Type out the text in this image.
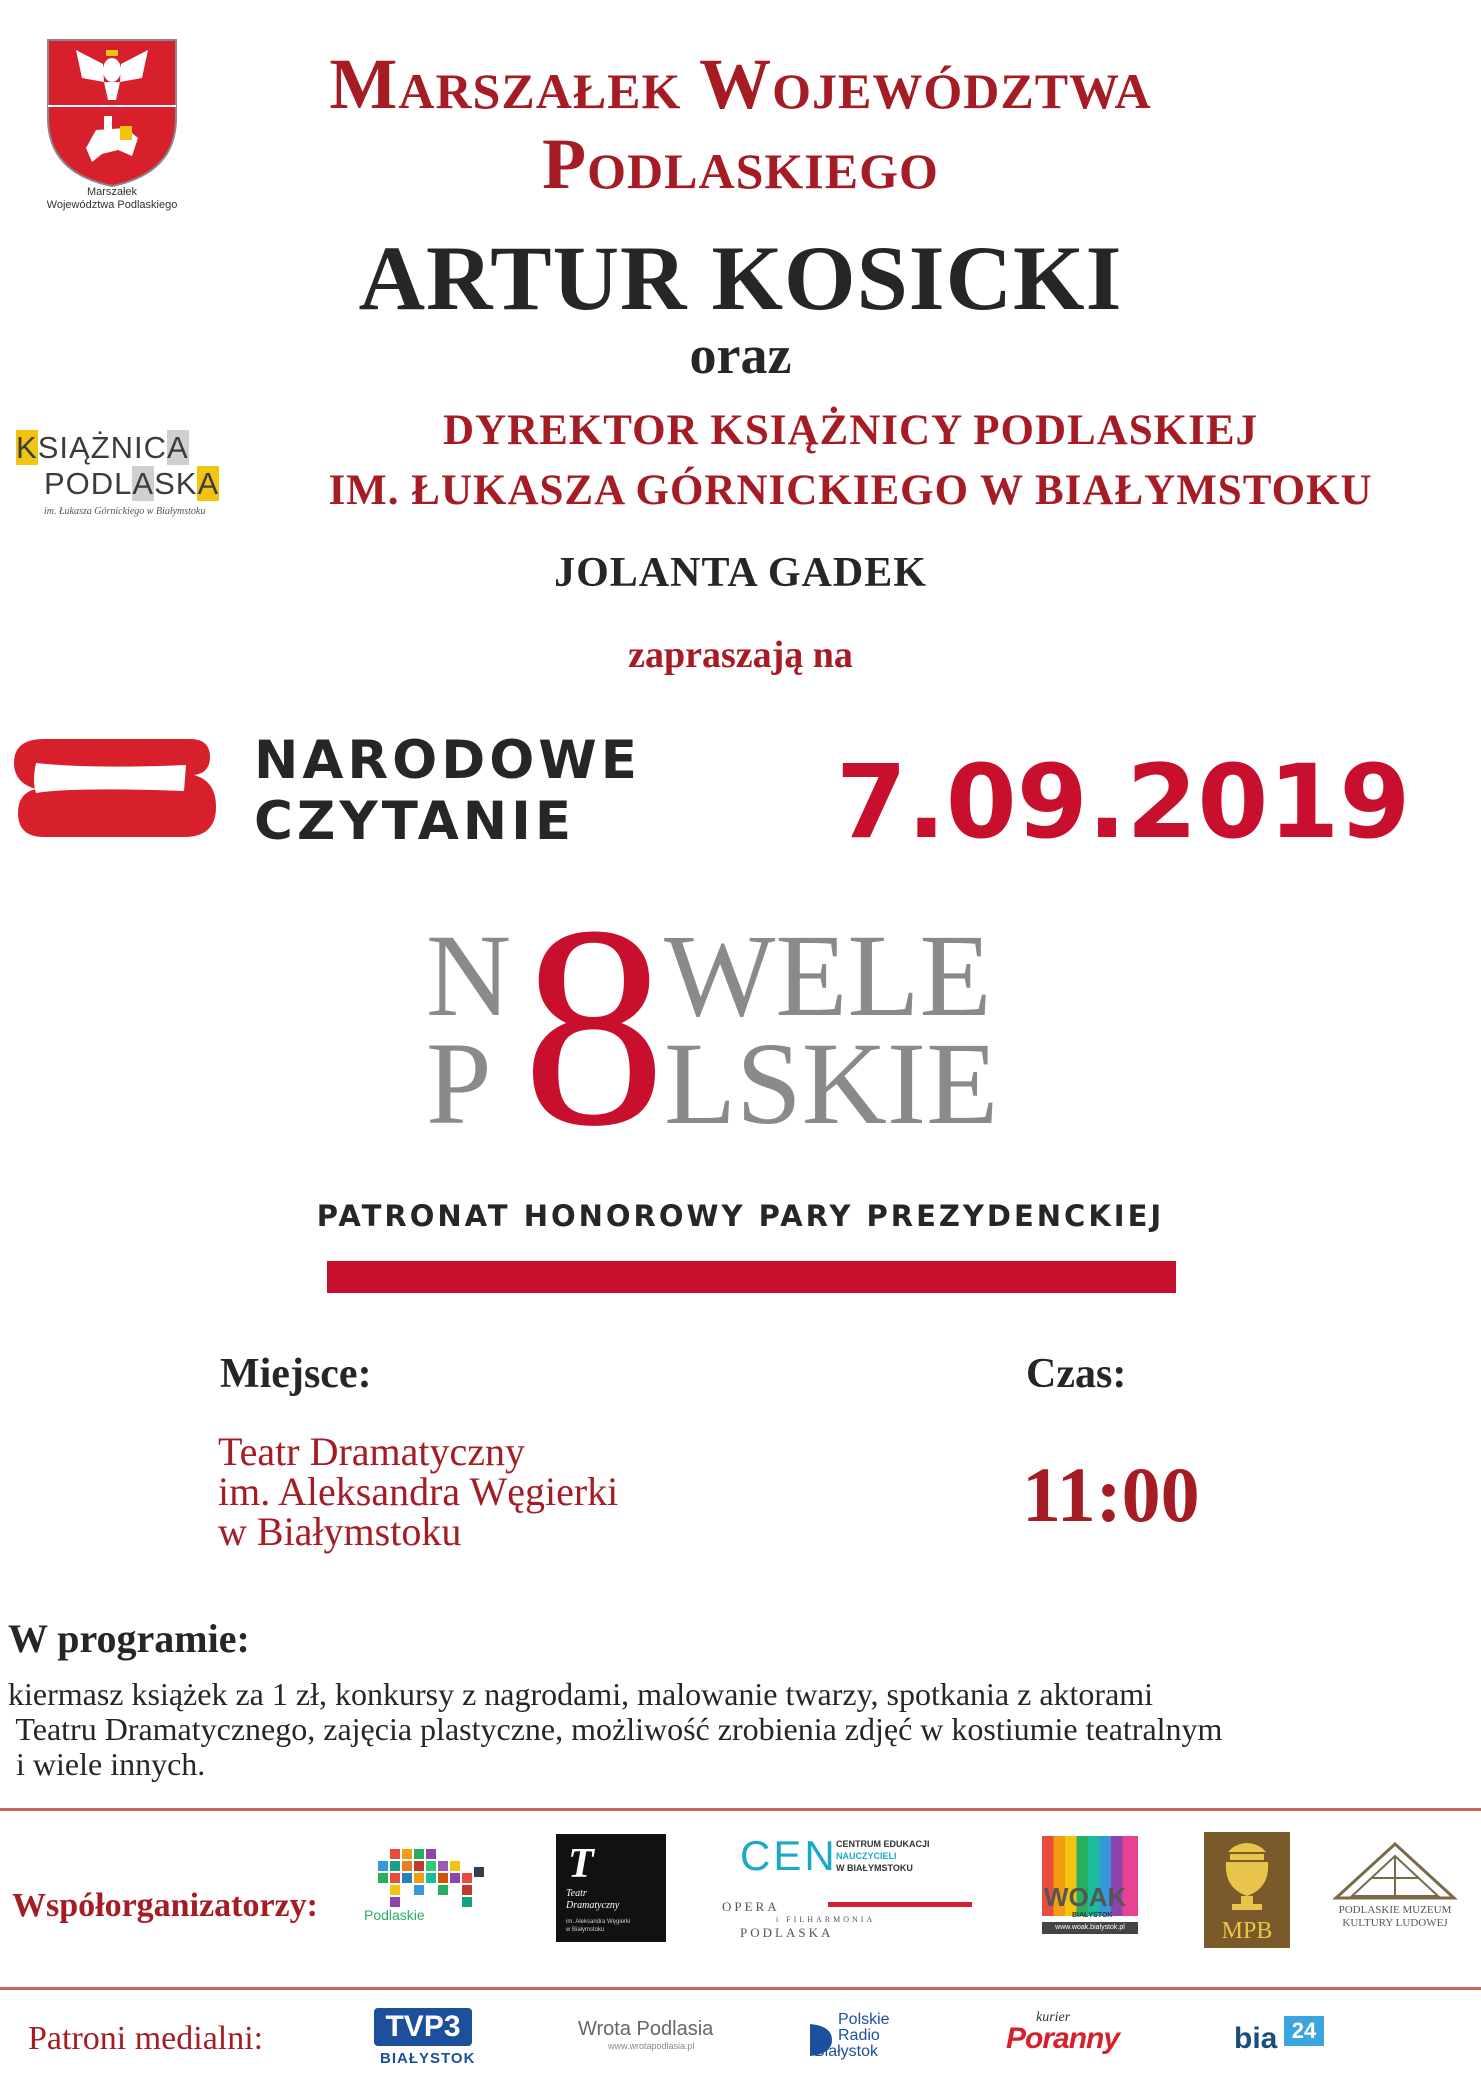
Marszałek
Województwa Podlaskiego
Marszałek Województwa
Podlaskiego
ARTUR KOSICKI
oraz
KSIĄŻNICA
PODLASKA
im. Łukasza Górnickiego w Białymstoku
DYREKTOR KSIĄŻNICY PODLASKIEJ
IM. ŁUKASZA GÓRNICKIEGO W BIAŁYMSTOKU
JOLANTA GADEK
zapraszają na
NARODOWE
CZYTANIE	7.09.2019
N WELE
P LSKIE
8
PATRONAT HONOROWY PARY PREZYDENCKIEJ
Miejsce:
Teatr Dramatyczny
im. Aleksandra Węgierki
w Białymstoku
Czas:
11:00
W programie:
kiermasz książek za 1 zł, konkursy z nagrodami, malowanie twarzy, spotkania z aktorami
Teatru Dramatycznego, zajęcia plastyczne, możliwość zrobienia zdjęć w kostiumie teatralnym
i wiele innych.
Współorganizatorzy:	Podlaskie
T
Teatr
Dramatyczny
im. Aleksandra Węgierki
w Białymstoku
CEN
CENTRUM EDUKACJI
NAUCZYCIELI
W BIAŁYMSTOKU
OPERA
i FILHARMONIA
PODLASKA
WOAK
BIAŁYSTOK
www.woak.bialystok.pl	MPB
PODLASKIE MUZEUM
KULTURY LUDOWEJ
Patroni medialni:	TVP3
BIAŁYSTOK
Wrota Podlasia
www.wrotapodlasia.pl
Polskie
Radio
Białystok
kurier
Poranny	bia 24
